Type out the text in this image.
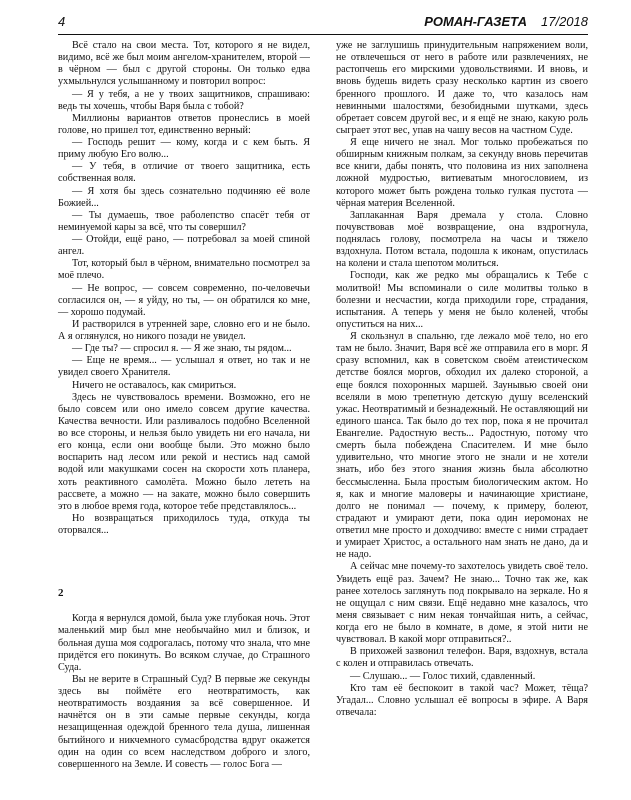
4	РОМАН-ГАЗЕТА 17/2018

Всё стало на свои места. Тот, которого я не видел, видимо, всё же был моим ангелом-хранителем, второй — в чёрном — был с другой стороны. Он только едва ухмыльнулся услышанному и повторил вопрос:

— Я у тебя, а не у твоих защитников, спрашиваю: ведь ты хочешь, чтобы Варя была с тобой?

Миллионы вариантов ответов пронеслись в моей голове, но пришел тот, единственно верный:

— Господь решит — кому, когда и с кем быть. Я приму любую Его волю...

— У тебя, в отличие от твоего защитника, есть собственная воля.

— Я хотя бы здесь сознательно подчиняю её воле Божией...

— Ты думаешь, твое раболепство спасёт тебя от неминуемой кары за всё, что ты совершил?

— Отойди, ещё рано, — потребовал за моей спиной ангел.

Тот, который был в чёрном, внимательно посмотрел за моё плечо.

— Не вопрос, — совсем современно, по-человечьи согласился он, — я уйду, но ты, — он обратился ко мне, — хорошо подумай.

И растворился в утренней заре, словно его и не было. А я оглянулся, но никого позади не увидел.

— Где ты? — спросил я. — Я же знаю, ты рядом...

— Еще не время... — услышал я ответ, но так и не увидел своего Хранителя.

Ничего не оставалось, как смириться.

Здесь не чувствовалось времени. Возможно, его не было совсем или оно имело совсем другие качества. Качества вечности. Или разливалось подобно Вселенной во все стороны, и нельзя было увидеть ни его начала, ни его конца, если они вообще были. Это можно было воспарить над лесом или рекой и нестись над самой водой или макушками сосен на скорости хоть планера, хоть реактивного самолёта. Можно было лететь на рассвете, а можно — на закате, можно было совершить это в любое время года, которое тебе представлялось...

Но возвращаться приходилось туда, откуда ты оторвался...

2

Когда я вернулся домой, была уже глубокая ночь. Этот маленький мир был мне необычайно мил и близок, и больная душа моя содрогалась, потому что знала, что мне придётся его покинуть. Во всяком случае, до Страшного Суда.

Вы не верите в Страшный Суд? В первые же секунды здесь вы поймёте его неотвратимость, как неотвратимость воздаяния за всё совершенное. И начнётся он в эти самые первые секунды, когда незащищенная одеждой бренного тела душа, лишенная бытийного и никчемного сумасбродства вдруг окажется один на один со всем наследством доброго и злого, совершенного на Земле. И совесть — голос Бога —

уже не заглушишь принудительным напряжением воли, не отвлечешься от него в работе или развлечениях, не растопчешь его мирскими удовольствиями. И вновь, и вновь будешь видеть сразу несколько картин из своего бренного прошлого. И даже то, что казалось нам невинными шалостями, безобидными шутками, здесь обретает совсем другой вес, и я ещё не знаю, какую роль сыграет этот вес, упав на чашу весов на частном Суде.

Я еще ничего не знал. Мог только пробежаться по обширным книжным полкам, за секунду вновь перечитав все книги, дабы понять, что половина из них заполнена ложной мудростью, витиеватым многословием, из которого может быть рождена только гулкая пустота — чёрная материя Вселенной.

Заплаканная Варя дремала у стола. Словно почувствовав моё возвращение, она вздрогнула, поднялась голову, посмотрела на часы и тяжело вздохнула. Потом встала, подошла к иконам, опустилась на колени и стала шепотом молиться.

Господи, как же редко мы обращались к Тебе с молитвой! Мы вспоминали о силе молитвы только в болезни и несчастии, когда приходили горе, страдания, испытания. А теперь у меня не было коленей, чтобы опуститься на них...

Я скользнул в спальню, где лежало моё тело, но его там не было. Значит, Варя всё же отправила его в морг. Я сразу вспомнил, как в советском своём атеистическом детстве боялся моргов, обходил их далеко стороной, а еще боялся похоронных маршей. Заунывью своей они вселяли в мою трепетную детскую душу вселенский ужас. Неотвратимый и безнадежный. Не оставляющий ни единого шанса. Так было до тех пор, пока я не прочитал Евангелие. Радостную весть... Радостную, потому что смерть была побеждена Спасителем. И мне было удивительно, что многие этого не знали и не хотели знать, ибо без этого знания жизнь была абсолютно бессмысленна. Была простым биологическим актом. Но я, как и многие маловеры и начинающие христиане, долго не понимал — почему, к примеру, болеют, страдают и умирают дети, пока один иеромонах не ответил мне просто и доходчиво: вместе с ними страдает и умирает Христос, а остального нам знать не дано, да и не надо.

А сейчас мне почему-то захотелось увидеть своё тело. Увидеть ещё раз. Зачем? Не знаю... Точно так же, как ранее хотелось заглянуть под покрывало на зеркале. Но я не ощущал с ним связи. Ещё недавно мне казалось, что меня связывает с ним некая тончайшая нить, а сейчас, когда его не было в комнате, в доме, я этой нити не чувствовал. В какой морг отправиться?..

В прихожей зазвонил телефон. Варя, вздохнув, встала с колен и отправилась отвечать.

— Слушаю... — Голос тихий, сдавленный.

Кто там её беспокоит в такой час? Может, тёща? Угадал... Словно услышал её вопросы в эфире. А Варя отвечала:
